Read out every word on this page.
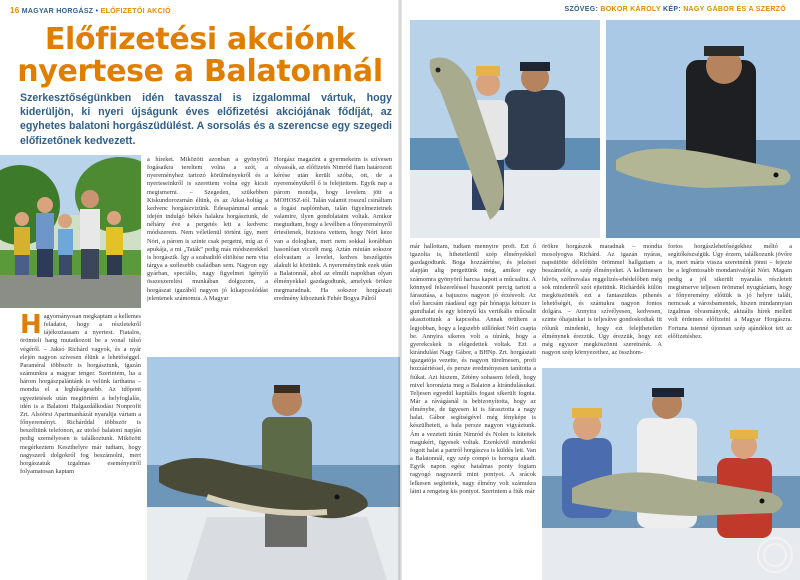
16 MAGYAR HORGÁSZ • ELŐFIZETŐI AKCIÓ
Előfizetési akciónk
nyertese a Balatonnál
Szerkesztőségünkben idén tavasszal is izgalommal vártuk, hogy kiderüljön, ki nyeri újságunk éves előfizetési akciójának fődíját, az egyhetes balatoni horgászüdülést. A sorsolás és a szerencse egy szegedi előfizetőnek kedvezett.

a híreket. Miközött azonban a gyönyörű fogásaikra tereltem volna a szót, a nyereményhez tartozó körülményekről és a nyerteseinkről is szerettem volna egy kicsit megismerni. – Szegeden, szükebben Kiskundorozsmán élünk, és az Atkai-holtág a kedvenc horgászvizünk. Édesapámmal annak idején indulgó békés halakra horgásztunk, de néhány éve a pergetés lett a kedvenc módszerem. Nem véletlenül történt így, mert Nóri, a párom is szinte csak pergetni, míg az ő apukája, a mi „Taták” pedig más módszerekkel is horgászik. Így a szabadidő eltöltése nem vita tárgya a szélesebb családban sem. Nagyon egy gyárban, speciális, nagy figyelmet igénylő összeszerelési munkában dolgozom, a horgászat igazából nagyon jó kikapcsolódást jelentenek számomra. A Magyar

Horgász magazint a gyermekeim is szívesen olvassák, az előfizetés Nimród fiam határozott kérése után került szóba, ott, de a nyereményükről ő is felejtettem. Egyik nap a párom mondja, hogy levelem jött a MOHOSZ-tól. Talán valamit rosszul csináltam a fogási naplómban, talán figyelmeztetnek valamire, ilyen gondolataim voltak. Amikor megtudtam, hogy a levélben a főnyereményről értesítenek, biztosra vettem, hogy Nóri keze van a dologban, mert nem sokkal korábban hasonlóan viccelt meg. Aztán miután sokszor elolvastam a levelet, kedves beszélgetés alakult ki köztünk. A nyereményünk ezek után a Balatonnál, ahol az elmúlt napokban olyan élményekkel gazdagodtunk, amelyek örökre megmaradnak. Ha sokszor horgászati eredmény kihoztunk Fehér Bogya Pálról

H agyományosan megkaptam a kellemes feladatot, hogy a részletekről tájékoztassam a nyertest. Fiatalos, örömteli hang mutatkozott be a vonal túlsó végéről. – Jaksó Richárd vagyok, és a nyár elején nagyon szívesen élünk a lehetőséggel. Paraméral többször is horgásztunk, igazán számunkra a magyar tenger. Szerintem, ha a három horgászpalántánk is velünk tarthatna – mondta el a leghűségesebb. Az időpont egyeztetések után megtörtént a helyfoglalás, idén is a Balatoni Halgazdálkodási Nonprofit Zrt. Alsóörsi Apartmanházát nyaraltja vártam a főnyereményt. Richárddal többször is beszéltünk telefonon, az utolsó balatoni napján pedig személyesen is találkoztunk. Miközött megérkeztem Keszthelyre már tudtam, hogy nagyszerű dolgokról fog beszámolni, mert horgászatuk izgalmas eseményeiről folyamatosan kaptam
SZÖVEG: BOKOR KÁROLY KÉP: NAGY GÁBOR ÉS A SZERZŐ

már hallottam, tudtam mennyire profi. Ezt ő igazolta is, hihetetlenül szép élményekkel gazdagodtunk. Boga hozzáértése, és jelzései alapján alig pergettünk még, amikor egy számomra gyönyörű harcsa kapott a műcsalira. A könnyed felszereléssel huszonöt percig tartott a fárasztása, a bajuszos nagyon jó érzésvolt. Az első harcsám ráadásul egy pár hónapja kétszer is gumihalat és egy könnyű kis vertikális műcsalit akasztottunk a kapcsoba. Annak örültem a legjobban, hogy a legszebb süllőnket Nóri csapta be. Annyira sikeres volt a túránk, hogy a gyerekcskek is elégedettek voltak. Ezt a kirándulást Nagy Gábor, a BHNp. Zrt. horgászati igazgatója vezette, és nagyon türelmesen, profi hozzáértéssel, és persze eredményesen tanította a fiúkat. Azt hiszem, Zétény sohasem feledi, hogy mivel koronázta meg a Balaton a kirándulásukat. Teljesen egyedül kapitális fogast sikerült fognia. Már a rávágásnál is bebizonyította, hogy az élménybe, de ügyesen ki is fárasztotta a nagy halat. Gábor segítségével még fényképe is készülhetett, a hala persze nagyon vigyáztunk. Ám a vezetett túrán Nimród és Nolen is kitettek magukért, ügyesek voltak. Ezenkívül mindenki fogott halat a partról horgászva is küldés lett. Van a Balatonnál, egy szép compó is horogra akadt. Egyik napon egész hatalmas ponty fogtam ragyogó nagyszerű mint pontyot. A srácok lelkesen segítettek, nagy élmény volt számukra látni a rengeteg kis pontyot. Szerintem a fiúk már

örökre horgászok maradnak – mondta mosolyogva Richárd. Az igazán nyáras, napsütötte délelőttön örömmel hallgattam a beszámolót, a szép élményeket. A kellemesen hűvös, szélnovalas reggelizés-ebédelőben még sok mindenről szót ejtettünk. Richárdék külön megköszönték ezt a fantasztikus pihenés lehetőségét, és számukra nagyon fontos dolgára. – Annyira szívélyesen, kedvesen, szinte óhajainkat is teljesítve gondoskodtak itt rólunk mindenki, hogy ezt felejthetetlen élménynek érezzük. Úgy érezzük, hogy ezt még egyszer megköszönni szeretnénk. A nagyon szép környezethez, az összhom-

fortos horgászlehetőségekhez méltó a segítőkészségük. Úgy érzem, találkozunk jövőre is, mert máris vissza szeretnénk jönni – fejezte be a legfontosabb mondanivalóját Nóri. Magam pedig a jól sikerült nyaralás részleteit megismerve teljesen örömmel nyugtáztam, hogy a főnyeremény előttük is jó helyre talált, nemcsak a városbamentek, hiszen mindannyian izgalmas olvasmányok, aktuális hírek mellett volt érdemes előfizetni a Magyar Horgászra. Fortuna istenné újonnan szép ajándékot tett az előfizetéshez.
